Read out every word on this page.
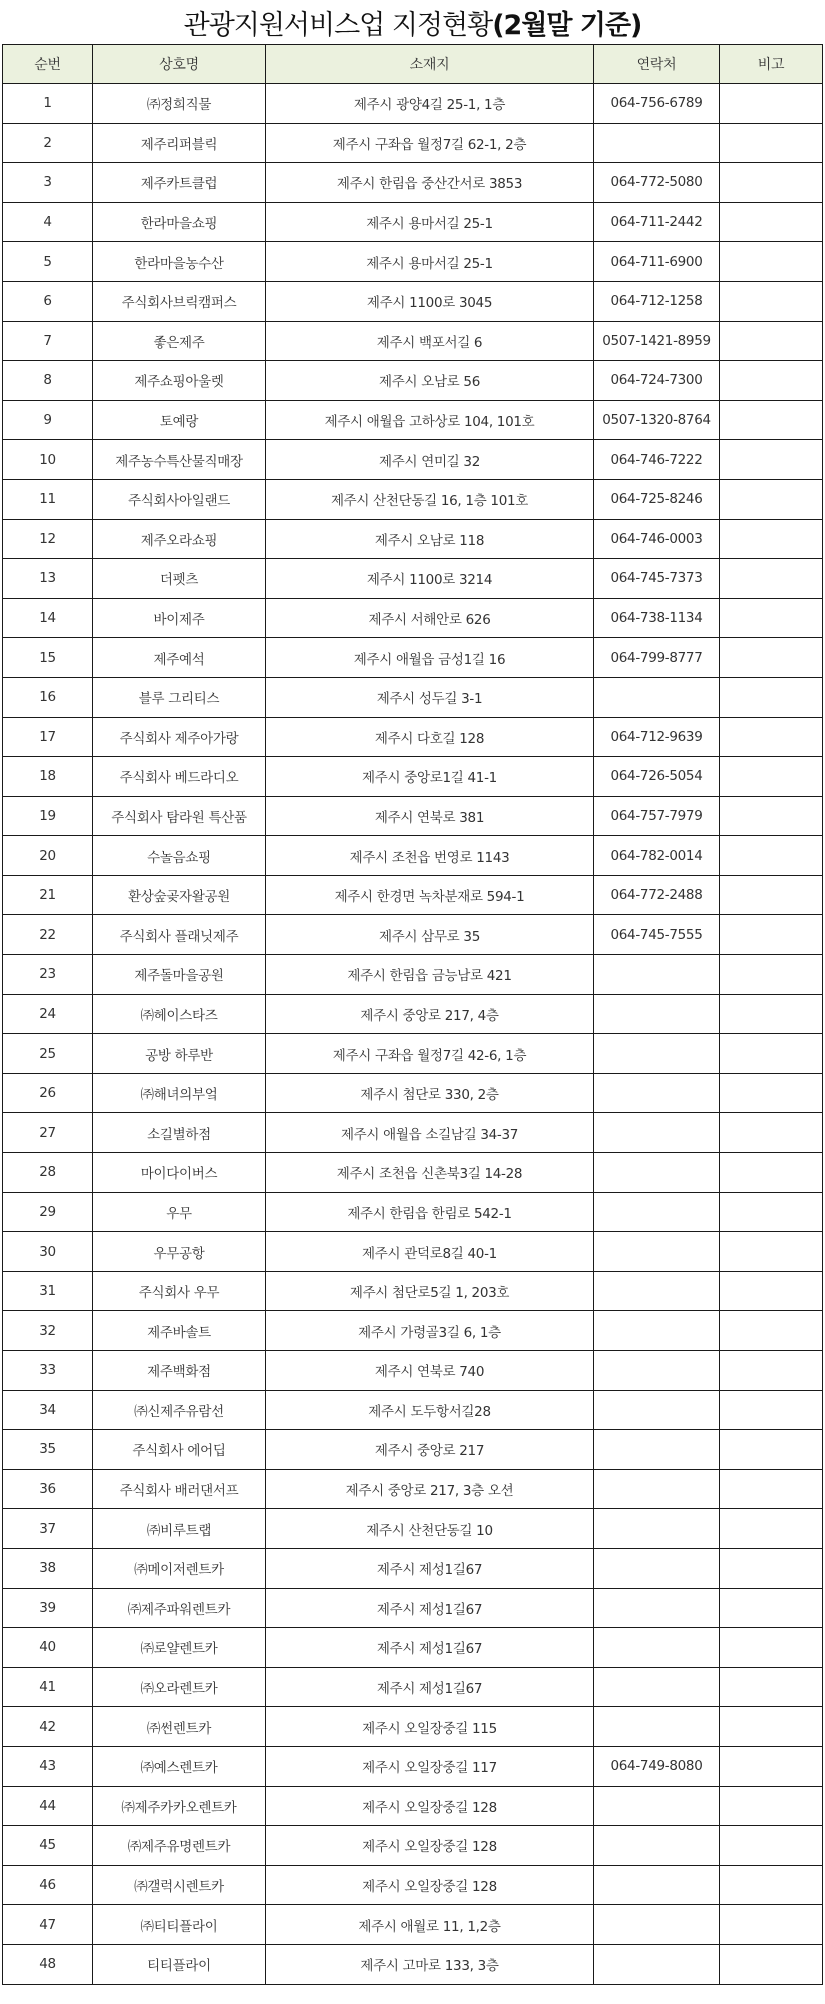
관광지원서비스업 지정현황(2월말 기준)
순번	상호명	소재지	연락처	비고
1	㈜정희직물	제주시 광양4길 25-1, 1층	064-756-6789	
2	제주리퍼블릭	제주시 구좌읍 월정7길 62-1, 2층		
3	제주카트클럽	제주시 한림읍 중산간서로 3853	064-772-5080	
4	한라마을쇼핑	제주시 용마서길 25-1	064-711-2442	
5	한라마을농수산	제주시 용마서길 25-1	064-711-6900	
6	주식회사브릭캠퍼스	제주시 1100로 3045	064-712-1258	
7	좋은제주	제주시 백포서길 6	0507-1421-8959	
8	제주쇼핑아울렛	제주시 오남로 56	064-724-7300	
9	토예랑	제주시 애월읍 고하상로 104, 101호	0507-1320-8764	
10	제주농수특산물직매장	제주시 연미길 32	064-746-7222	
11	주식회사아일랜드	제주시 산천단동길 16, 1층 101호	064-725-8246	
12	제주오라쇼핑	제주시 오남로 118	064-746-0003	
13	더펫츠	제주시 1100로 3214	064-745-7373	
14	바이제주	제주시 서해안로 626	064-738-1134	
15	제주예석	제주시 애월읍 금성1길 16	064-799-8777	
16	블루 그리티스	제주시 성두길 3-1		
17	주식회사 제주아가랑	제주시 다호길 128	064-712-9639	
18	주식회사 베드라디오	제주시 중앙로1길 41-1	064-726-5054	
19	주식회사 탐라원 특산품	제주시 연북로 381	064-757-7979	
20	수놀음쇼핑	제주시 조천읍 번영로 1143	064-782-0014	
21	환상숲곶자왈공원	제주시 한경면 녹차분재로 594-1	064-772-2488	
22	주식회사 플래닛제주	제주시 삼무로 35	064-745-7555	
23	제주돌마을공원	제주시 한림읍 금능남로 421		
24	㈜헤이스타즈	제주시 중앙로 217, 4층		
25	공방 하루반	제주시 구좌읍 월정7길 42-6, 1층		
26	㈜해녀의부엌	제주시 첨단로 330, 2층		
27	소길별하점	제주시 애월읍 소길남길 34-37		
28	마이다이버스	제주시 조천읍 신촌북3길 14-28		
29	우무	제주시 한림읍 한림로 542-1		
30	우무공항	제주시 관덕로8길 40-1		
31	주식회사 우무	제주시 첨단로5길 1, 203호		
32	제주바솔트	제주시 가령골3길 6, 1층		
33	제주백화점	제주시 연북로 740		
34	㈜신제주유람선	제주시 도두항서길28		
35	주식회사 에어딥	제주시 중앙로 217		
36	주식회사 배러댄서프	제주시 중앙로 217, 3층 오션		
37	㈜비루트랩	제주시 산천단동길 10		
38	㈜메이저렌트카	제주시 제성1길67		
39	㈜제주파워렌트카	제주시 제성1길67		
40	㈜로얄렌트카	제주시 제성1길67		
41	㈜오라렌트카	제주시 제성1길67		
42	㈜썬렌트카	제주시 오일장중길 115		
43	㈜예스렌트카	제주시 오일장중길 117	064-749-8080	
44	㈜제주카카오렌트카	제주시 오일장중길 128		
45	㈜제주유명렌트카	제주시 오일장중길 128		
46	㈜갤럭시렌트카	제주시 오일장중길 128		
47	㈜티티플라이	제주시 애월로 11, 1,2층		
48	티티플라이	제주시 고마로 133, 3층		
